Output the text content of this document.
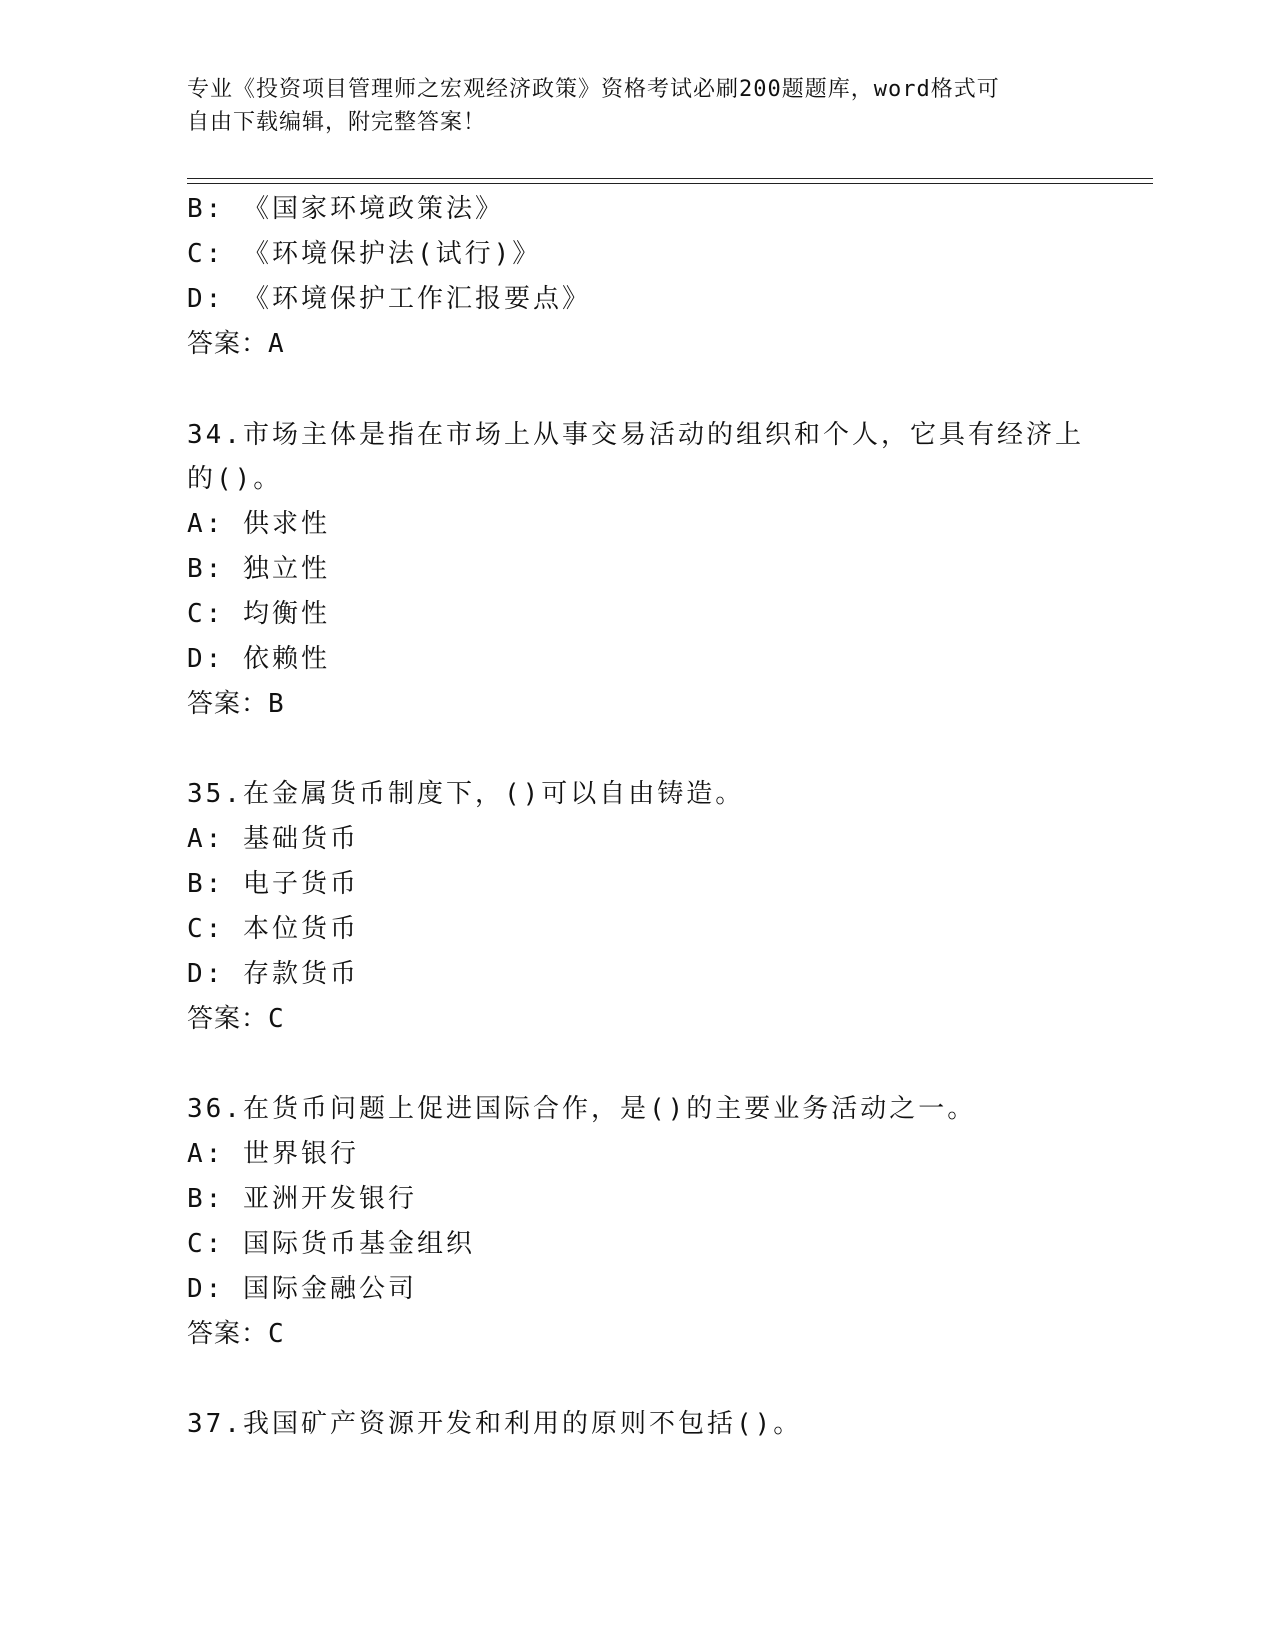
专业《投资项目管理师之宏观经济政策》资格考试必刷200题题库，word格式可
自由下载编辑，附完整答案！
B: 《国家环境政策法》
C: 《环境保护法(试行)》
D: 《环境保护工作汇报要点》
答案：A
34.市场主体是指在市场上从事交易活动的组织和个人，它具有经济上
的()。
A: 供求性
B: 独立性
C: 均衡性
D: 依赖性
答案：B
35.在金属货币制度下，()可以自由铸造。
A: 基础货币
B: 电子货币
C: 本位货币
D: 存款货币
答案：C
36.在货币问题上促进国际合作，是()的主要业务活动之一。
A: 世界银行
B: 亚洲开发银行
C: 国际货币基金组织
D: 国际金融公司
答案：C
37.我国矿产资源开发和利用的原则不包括()。
